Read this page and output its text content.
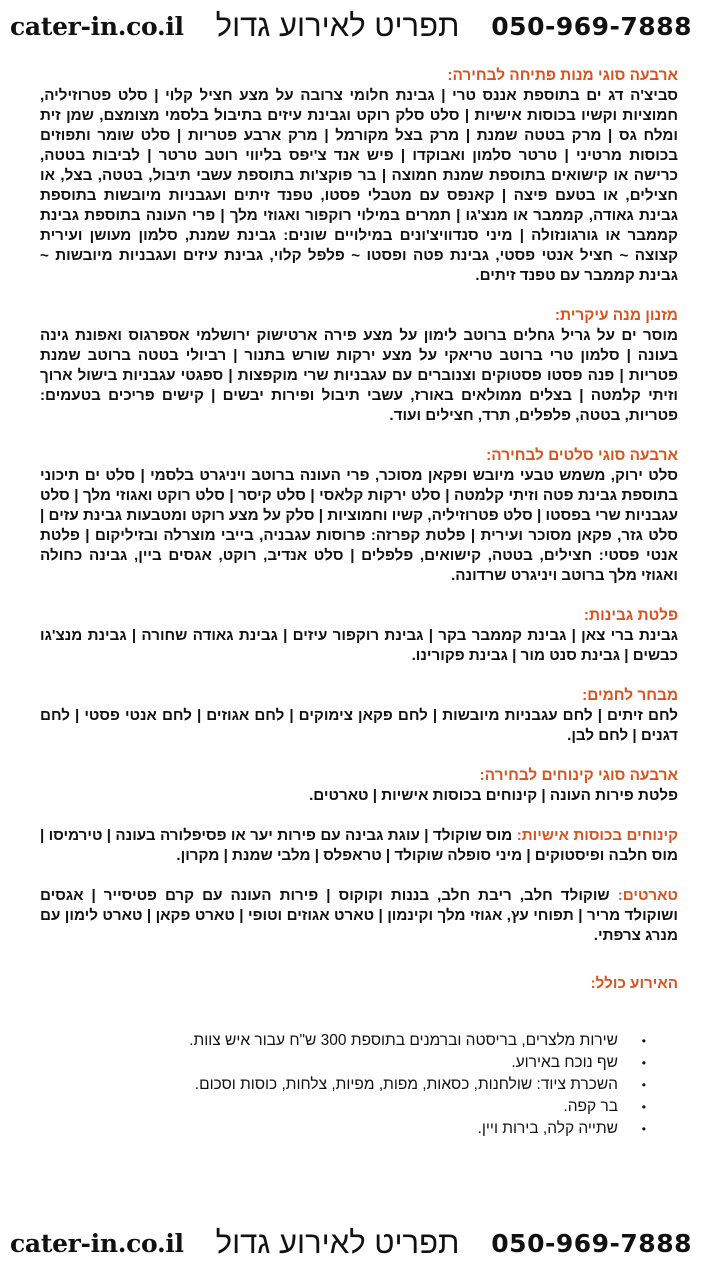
cater-in.co.il תפריט לאירוע גדול 050-969-7888
ארבעה סוגי מנות פתיחה לבחירה:
סביצ'ה דג ים בתוספת אננס טרי | גבינת חלומי צרובה על מצע חציל קלוי | סלט פטרוזיליה, חמוציות וקשיו בכוסות אישיות | סלט סלק רוקט וגבינת עיזים בתיבול בלסמי מצומצם, שמן זית ומלח גס | מרק בטטה שמנת | מרק בצל מקורמל | מרק ארבע פטריות | סלט שומר ותפוזים בכוסות מרטיני | טרטר סלמון ואבוקדו | פיש אנד צ'יפס בליווי רוטב טרטר | לביבות בטטה, כרישה או קישואים בתוספת שמנת חמוצה | בר פוקצ'ות בתוספת עשבי תיבול, בטטה, בצל, או חצילים, או בטעם פיצה | קאנפס עם מטבלי פסטו, טפנד זיתים ועגבניות מיובשות בתוספת גבינת גאודה, קממבר או מנצ'גו | תמרים במילוי רוקפור ואגוזי מלך | פרי העונה בתוספת גבינת קממבר או גורגונזולה | מיני סנדוויצ'ונים במילויים שונים: גבינת שמנת, סלמון מעושן ועירית קצוצה ~ חציל אנטי פסטי, גבינת פטה ופסטו ~ פלפל קלוי, גבינת עיזים ועגבניות מיובשות ~ גבינת קממבר עם טפנד זיתים.
מזנון מנה עיקרית:
מוסר ים על גריל גחלים ברוטב לימון על מצע פירה ארטישוק ירושלמי אספרגוס ואפונת גינה בעונה | סלמון טרי ברוטב טריאקי על מצע ירקות שורש בתנור | רביולי בטטה ברוטב שמנת פטריות | פנה פסטו פסטוקים וצנוברים עם עגבניות שרי מוקפצות | ספגטי עגבניות בישול ארוך וזיתי קלמטה | בצלים ממולאים באורז, עשבי תיבול ופירות יבשים | קישים פריכים בטעמים: פטריות, בטטה, פלפלים, תרד, חצילים ועוד.
ארבעה סוגי סלטים לבחירה:
סלט ירוק, משמש טבעי מיובש ופקאן מסוכר, פרי העונה ברוטב ויניגרט בלסמי | סלט ים תיכוני בתוספת גבינת פטה וזיתי קלמטה | סלט ירקות קלאסי | סלט קיסר | סלט רוקט ואגוזי מלך | סלט עגבניות שרי בפסטו | סלט פטרוזיליה, קשיו וחמוציות | סלק על מצע רוקט ומטבעות גבינת עזים | סלט גזר, פקאן מסוכר ועירית | פלטת קפרזה: פרוסות עגבניה, בייבי מוצרלה ובזיליקום | פלטת אנטי פסטי: חצילים, בטטה, קישואים, פלפלים | סלט אנדיב, רוקט, אגסים ביין, גבינה כחולה ואגוזי מלך ברוטב ויניגרט שרדונה.
פלטת גבינות:
גבינת ברי צאן | גבינת קממבר בקר | גבינת רוקפור עיזים | גבינת גאודה שחורה | גבינת מנצ'גו כבשים | גבינת סנט מור | גבינת פקורינו.
מבחר לחמים:
לחם זיתים | לחם עגבניות מיובשות | לחם פקאן צימוקים | לחם אגוזים | לחם אנטי פסטי | לחם דגנים | לחם לבן.
ארבעה סוגי קינוחים לבחירה:
פלטת פירות העונה | קינוחים בכוסות אישיות | טארטים.
קינוחים בכוסות אישיות: מוס שוקולד | עוגת גבינה עם פירות יער או פסיפלורה בעונה | טירמיסו | מוס חלבה ופיסטוקים | מיני סופלה שוקולד | טראפלס | מלבי שמנת | מקרון.
טארטים: שוקולד חלב, ריבת חלב, בננות וקוקוס | פירות העונה עם קרם פטיסייר | אגסים ושוקולד מריר | תפוחי עץ, אגוזי מלך וקינמון | טארט אגוזים וטופי | טארט פקאן | טארט לימון עם מנרג צרפתי.
האירוע כולל:
•
שירות מלצרים, בריסטה וברמנים בתוספת 300 ש"ח עבור איש צוות.
•
שף נוכח באירוע.
•
השכרת ציוד: שולחנות, כסאות, מפות, מפיות, צלחות, כוסות וסכום.
•
בר קפה.
•
שתייה קלה, בירות ויין.
cater-in.co.il תפריט לאירוע גדול 050-969-7888
